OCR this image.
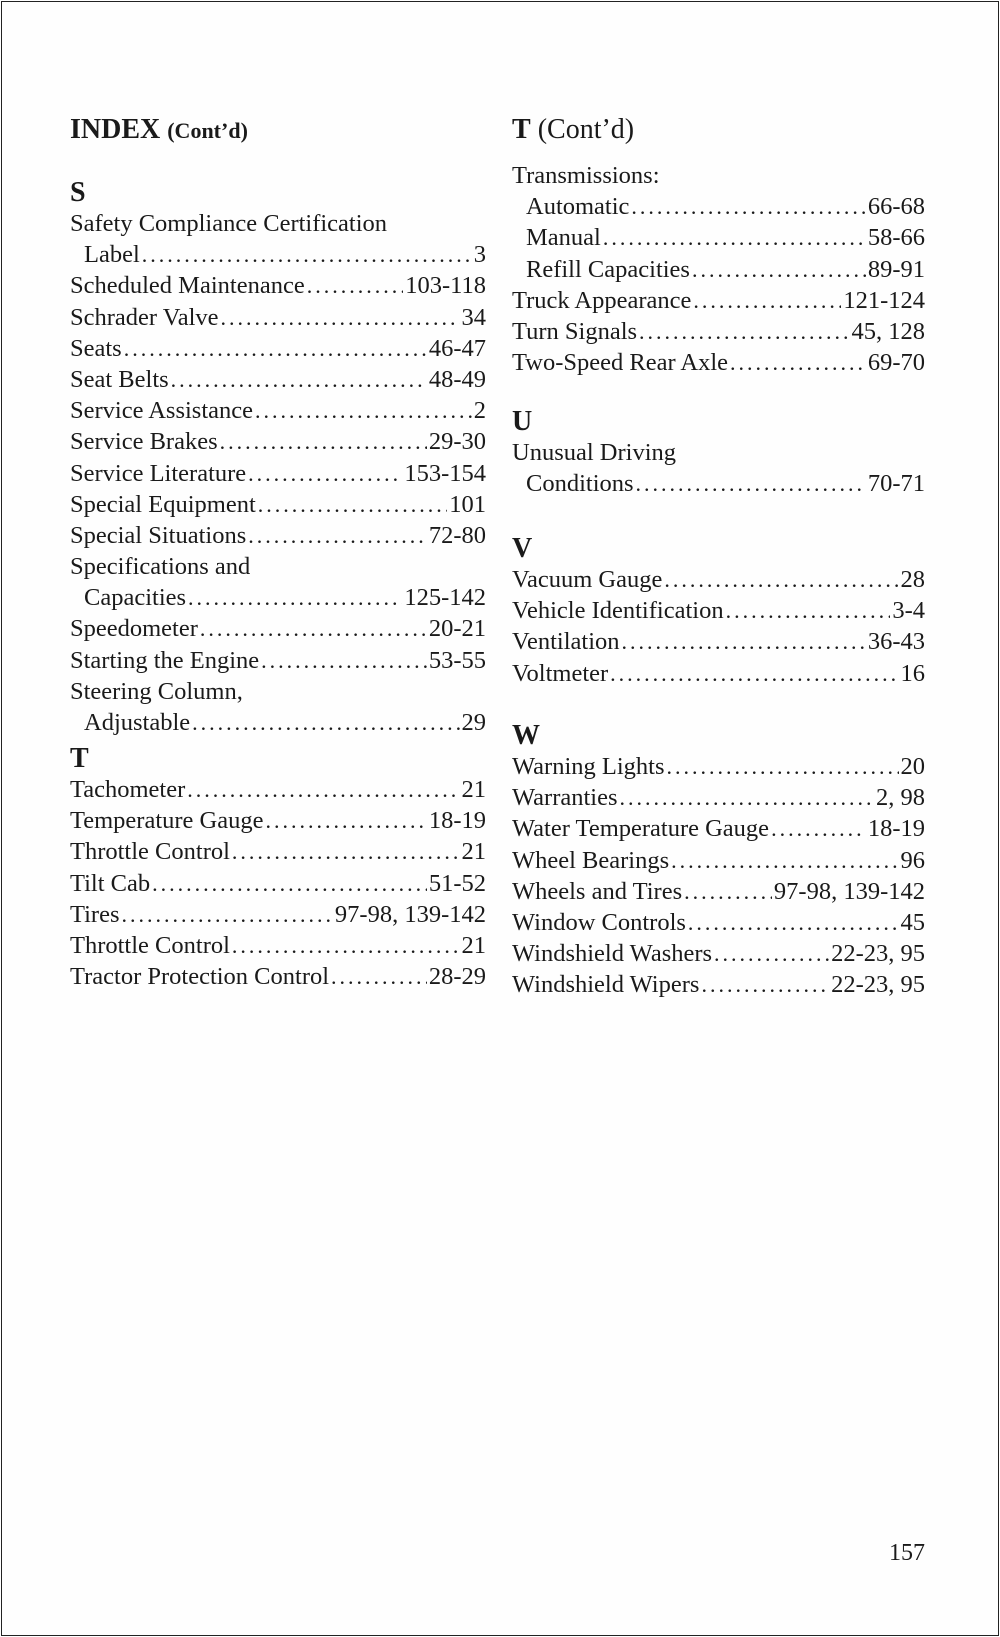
INDEX (Cont’d)
S
Safety Compliance Certification
Label . . .	3
Scheduled Maintenance . . .	103-118
Schrader Valve . . .	34
Seats . . .	46-47
Seat Belts . . .	48-49
Service Assistance . . .	2
Service Brakes . . .	29-30
Service Literature . . .	153-154
Special Equipment . . .	101
Special Situations . . .	72-80
Specifications and
Capacities . . .	125-142
Speedometer . . .	20-21
Starting the Engine . . .	53-55
Steering Column,
Adjustable . . .	29
T
Tachometer . . .	21
Temperature Gauge . . .	18-19
Throttle Control . . .	21
Tilt Cab . . .	51-52
Tires . . .	97-98, 139-142
Throttle Control . . .	21
Tractor Protection Control . . .	28-29
T (Cont’d)
Transmissions:
Automatic . . .	66-68
Manual . . .	58-66
Refill Capacities . . .	89-91
Truck Appearance . . .	121-124
Turn Signals . . .	45, 128
Two-Speed Rear Axle . . .	69-70
U
Unusual Driving
Conditions . . .	70-71
V
Vacuum Gauge . . .	28
Vehicle Identification . . .	3-4
Ventilation . . .	36-43
Voltmeter . . .	16
W
Warning Lights . . .	20
Warranties . . .	2, 98
Water Temperature Gauge . . .	18-19
Wheel Bearings . . .	96
Wheels and Tires . . .	97-98, 139-142
Window Controls . . .	45
Windshield Washers . . .	22-23, 95
Windshield Wipers . . .	22-23, 95
157
